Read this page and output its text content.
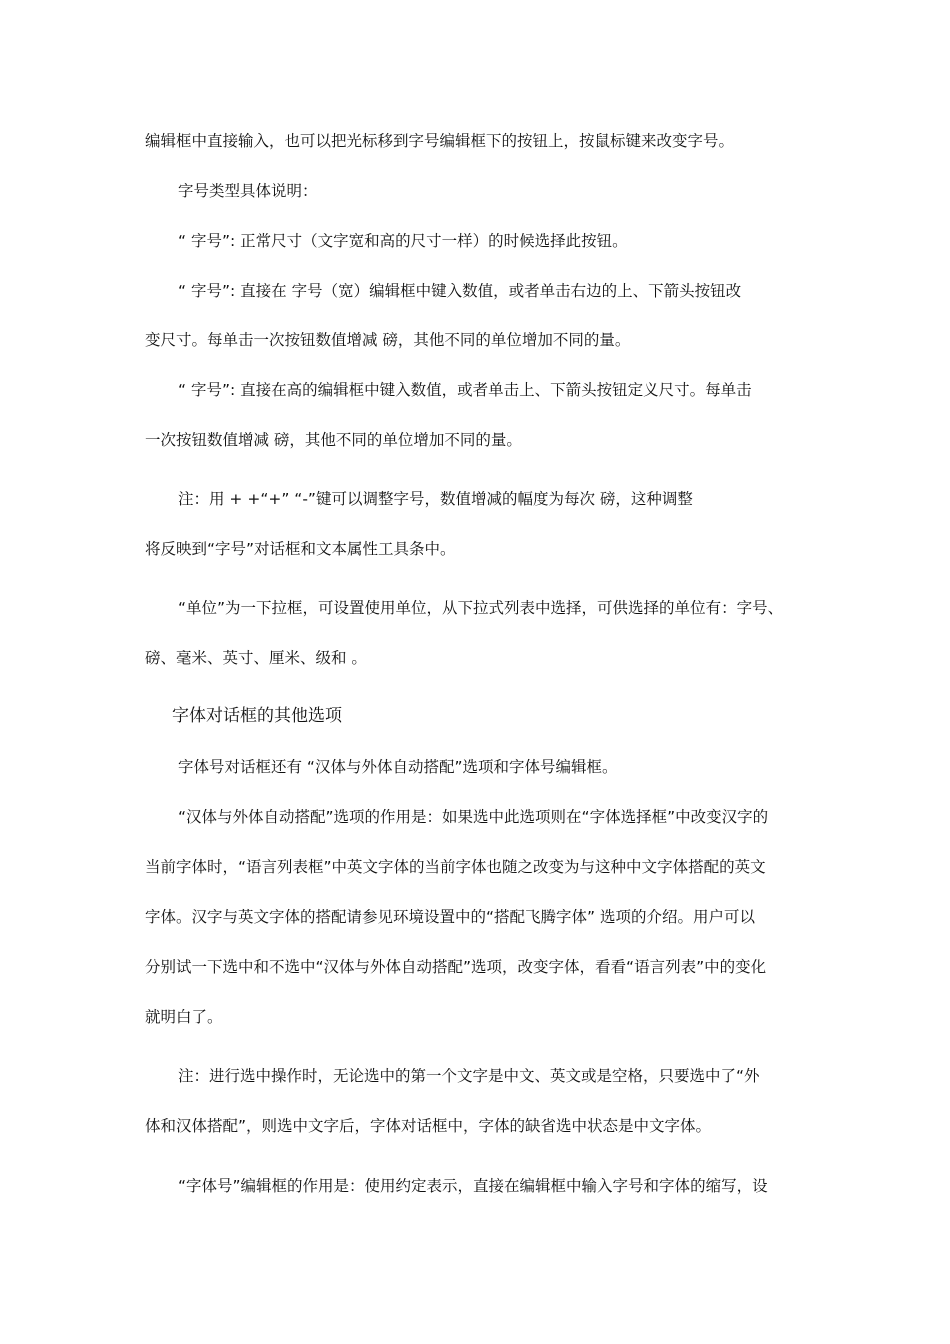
编辑框中直接输入，也可以把光标移到字号编辑框下的按钮上，按鼠标键来改变字号。
字号类型具体说明：
“ 字号”: 正常尺寸（文字宽和高的尺寸一样）的时候选择此按钮。
“ 字号”: 直接在 字号（宽）编辑框中键入数值，或者单击右边的上、下箭头按钮改
变尺寸。每单击一次按钮数值增减 磅，其他不同的单位增加不同的量。
“ 字号”: 直接在高的编辑框中键入数值，或者单击上、下箭头按钮定义尺寸。每单击
一次按钮数值增减 磅，其他不同的单位增加不同的量。
注：用 + +“+” “-”键可以调整字号，数值增减的幅度为每次 磅，这种调整
将反映到“字号”对话框和文本属性工具条中。
“单位”为一下拉框，可设置使用单位，从下拉式列表中选择，可供选择的单位有：字号、
磅、毫米、英寸、厘米、级和 。
字体对话框的其他选项
字体号对话框还有 “汉体与外体自动搭配”选项和字体号编辑框。
“汉体与外体自动搭配”选项的作用是：如果选中此选项则在“字体选择框”中改变汉字的
当前字体时，“语言列表框”中英文字体的当前字体也随之改变为与这种中文字体搭配的英文
字体。汉字与英文字体的搭配请参见环境设置中的“搭配飞腾字体” 选项的介绍。用户可以
分别试一下选中和不选中“汉体与外体自动搭配”选项，改变字体，看看“语言列表”中的变化
就明白了。
注：进行选中操作时，无论选中的第一个文字是中文、英文或是空格，只要选中了“外
体和汉体搭配”，则选中文字后，字体对话框中，字体的缺省选中状态是中文字体。
“字体号”编辑框的作用是：使用约定表示，直接在编辑框中输入字号和字体的缩写，设
